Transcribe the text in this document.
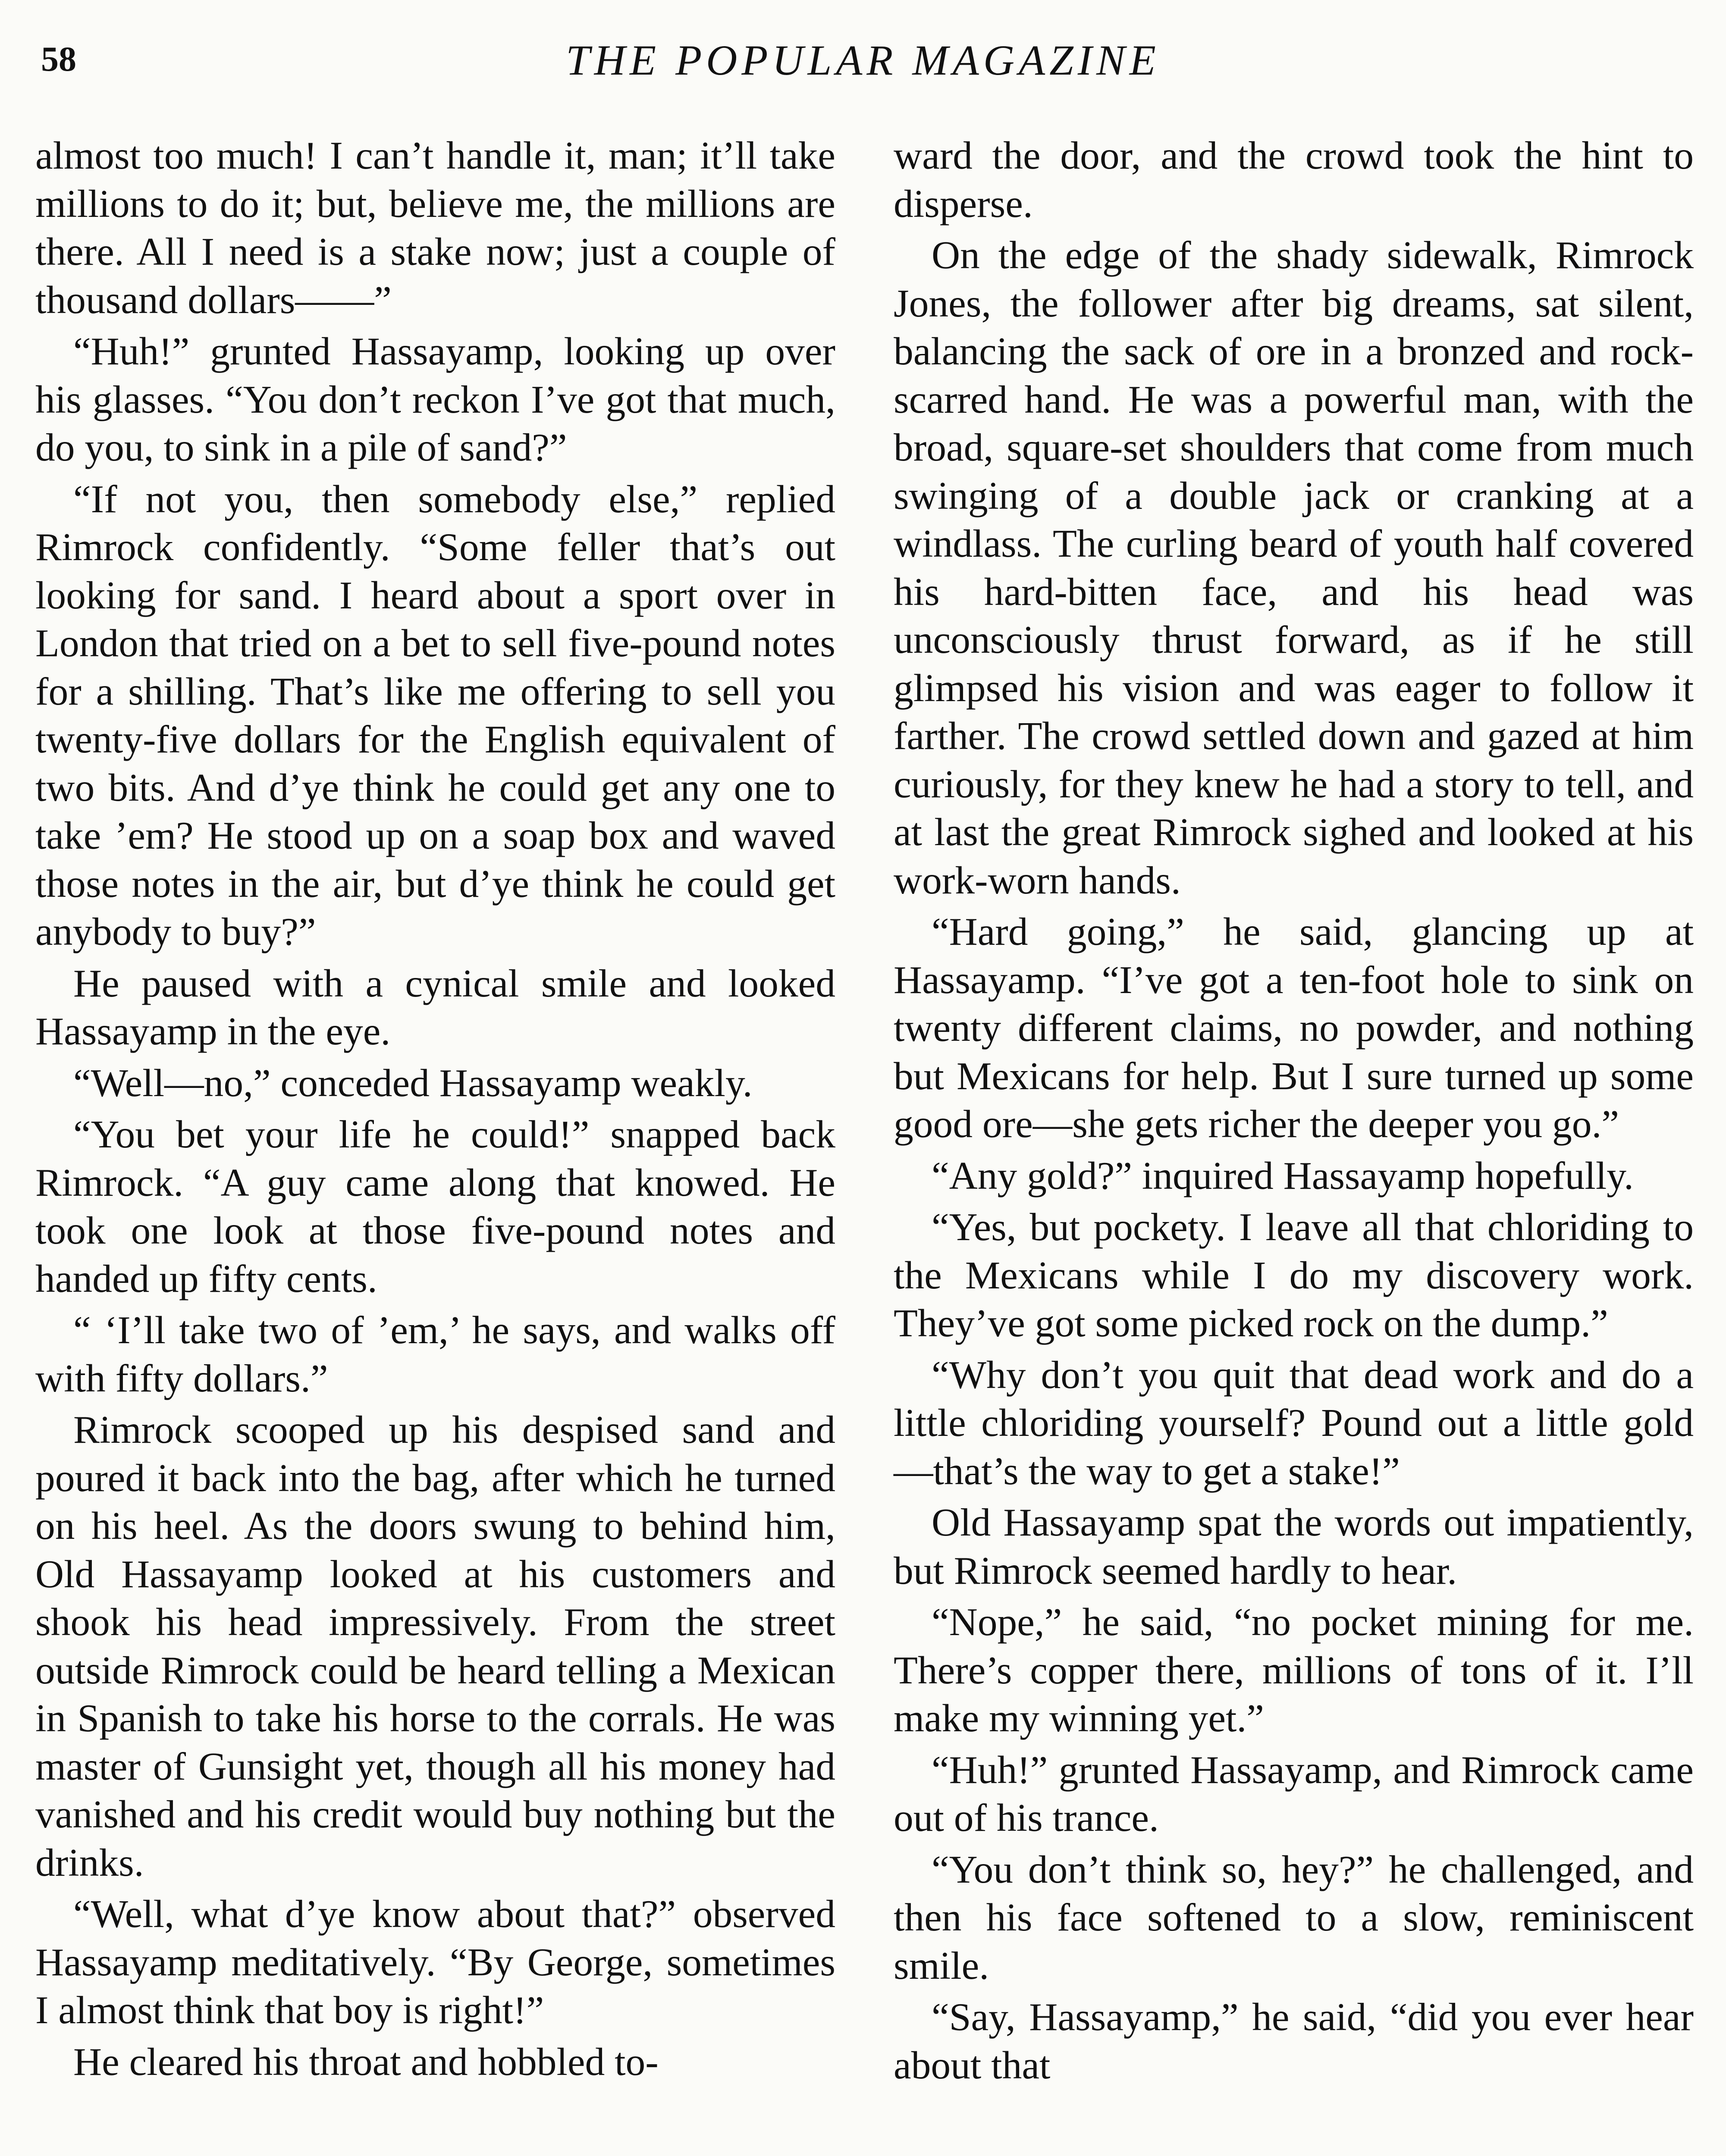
58	THE POPULAR MAGAZINE

almost too much! I can’t handle it, man; it’ll take millions to do it; but, believe me, the millions are there. All I need is a stake now; just a couple of thousand dollars——”

“Huh!” grunted Hassayamp, looking up over his glasses. “You don’t reckon I’ve got that much, do you, to sink in a pile of sand?”

“If not you, then somebody else,” replied Rimrock confidently. “Some feller that’s out looking for sand. I heard about a sport over in London that tried on a bet to sell five-pound notes for a shilling. That’s like me offering to sell you twenty-five dollars for the English equivalent of two bits. And d’ye think he could get any one to take ’em? He stood up on a soap box and waved those notes in the air, but d’ye think he could get anybody to buy?”

He paused with a cynical smile and looked Hassayamp in the eye.

“Well—no,” conceded Hassayamp weakly.

“You bet your life he could!” snapped back Rimrock. “A guy came along that knowed. He took one look at those five-pound notes and handed up fifty cents.

“ ‘I’ll take two of ’em,’ he says, and walks off with fifty dollars.”

Rimrock scooped up his despised sand and poured it back into the bag, after which he turned on his heel. As the doors swung to behind him, Old Hassayamp looked at his customers and shook his head impressively. From the street outside Rimrock could be heard telling a Mexican in Spanish to take his horse to the corrals. He was master of Gunsight yet, though all his money had vanished and his credit would buy nothing but the drinks.

“Well, what d’ye know about that?” observed Hassayamp meditatively. “By George, sometimes I almost think that boy is right!”

He cleared his throat and hobbled to-

ward the door, and the crowd took the hint to disperse.

On the edge of the shady sidewalk, Rimrock Jones, the follower after big dreams, sat silent, balancing the sack of ore in a bronzed and rock-scarred hand. He was a powerful man, with the broad, square-set shoulders that come from much swinging of a double jack or cranking at a windlass. The curling beard of youth half covered his hard-bitten face, and his head was unconsciously thrust forward, as if he still glimpsed his vision and was eager to follow it farther. The crowd settled down and gazed at him curiously, for they knew he had a story to tell, and at last the great Rimrock sighed and looked at his work-worn hands.

“Hard going,” he said, glancing up at Hassayamp. “I’ve got a ten-foot hole to sink on twenty different claims, no powder, and nothing but Mexicans for help. But I sure turned up some good ore—she gets richer the deeper you go.”

“Any gold?” inquired Hassayamp hopefully.

“Yes, but pockety. I leave all that chloriding to the Mexicans while I do my discovery work. They’ve got some picked rock on the dump.”

“Why don’t you quit that dead work and do a little chloriding yourself? Pound out a little gold—that’s the way to get a stake!”

Old Hassayamp spat the words out impatiently, but Rimrock seemed hardly to hear.

“Nope,” he said, “no pocket mining for me. There’s copper there, millions of tons of it. I’ll make my winning yet.”

“Huh!” grunted Hassayamp, and Rimrock came out of his trance.

“You don’t think so, hey?” he challenged, and then his face softened to a slow, reminiscent smile.

“Say, Hassayamp,” he said, “did you ever hear about that
